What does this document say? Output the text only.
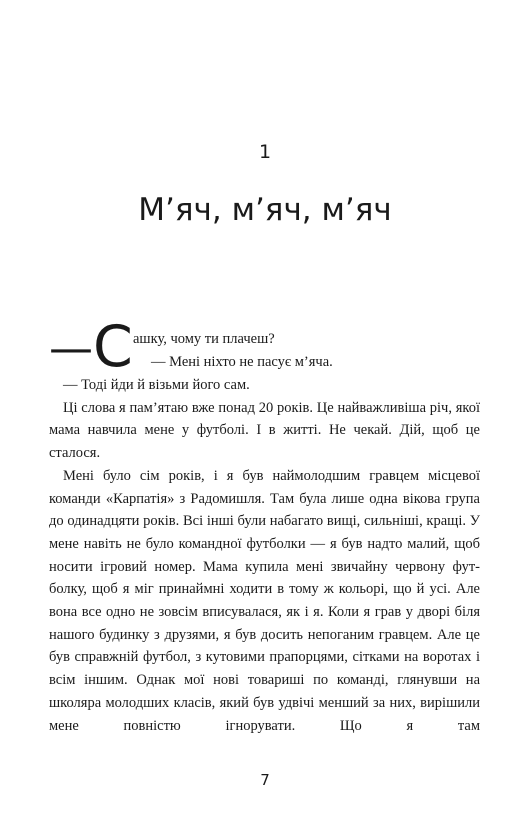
1
М’яч, м’яч, м’яч
— С ашку, чому ти плачеш?
— Мені ніхто не пасує м’яча.

— Тоді йди й візьми його сам.

Ці слова я пам’ятаю вже понад 20 років. Це найважливіша річ, якої мама навчила мене у футболі. І в житті. Не чекай. Дій, щоб це сталося.

Мені було сім років, і я був наймолодшим гравцем місцевої команди «Карпатія» з Радомишля. Там була лише одна вікова група до одинадцяти років. Всі інші були набагато вищі, сильніші, кращі. У мене навіть не було командної футболки — я був надто малий, щоб носити ігровий номер. Мама купила мені звичайну червону футболку, щоб я міг принаймні ходити в тому ж кольорі, що й усі. Але вона все одно не зовсім вписувалася, як і я. Коли я грав у дворі біля нашого будинку з друзями, я був досить непоганим гравцем. Але це був справжній футбол, з кутовими прапорцями, сітками на воротах і всім іншим. Однак мої нові товариші по команді, глянувши на школяра молодших класів, який був удвічі менший за них, вирішили мене повністю ігнорувати. Що я там

7
